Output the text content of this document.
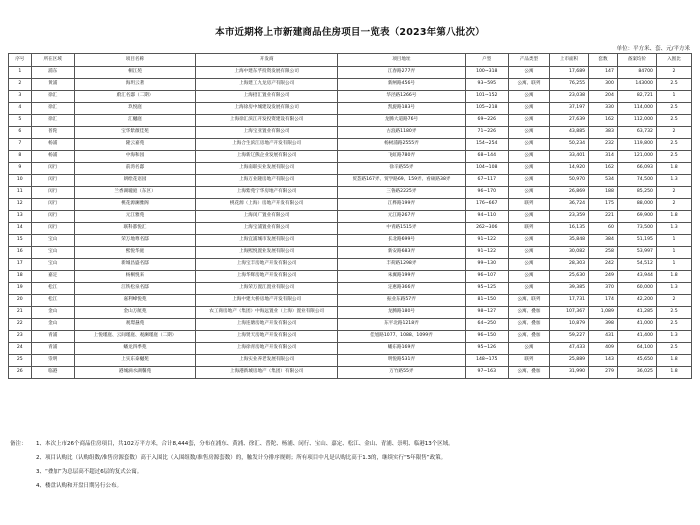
本市近期将上市新建商品住房项目一览表（2023年第八批次）
单位：平方米、套、元/平方米
序号	所在区域	项目名称	开发商	项目地址	户型	产品类型	上市面积	套数	备案均价	入围比
1	浦东	桐江苑	上海中建东孚投资发展有限公司	江春路277弄	100~318	公寓	17,689	147	84700	2
2	黄浦	海玥云著	上海建工九龙房产有限公司	新闸路456号	93~595	公寓、联列	76,255	300	143000	2.5
3	徐汇	蔚汇名邸（二期）	上海招汇置业有限公司	华泾路1266号	101~152	公寓	23,038	204	82,721	1
4	徐汇	玖悦庭	上海徐房中城建设发展有限公司	凯旋路183号	105~218	公寓	37,197	330	114,000	2.5
5	徐汇	汇樾庭	上海徐汇滨江开发投资建设有限公司	龙腾大道路76号	69~226	公寓	27,639	162	112,000	2.5
6	普陀	宝华紫薇佳苑	上海宝亚置业有限公司	古浪路1180弄	71~226	公寓	43,885	383	63,732	2
7	杨浦	隆云嘉苑	上海合生滨江房地产开发有限公司	杨树浦路2555弄	154~254	公寓	50,234	232	119,800	2.5
8	杨浦	中海和园	上海新辽熊企业发展有限公司	飞虹路780弄	68~144	公寓	33,401	314	121,000	2.5
9	闵行	前湾名邸	上海南联实业发展有限公司	徐辛路55弄	104~108	公寓	14,920	162	66,093	1.8
10	闵行	朗绘花语园	上海万业隆房地产有限公司	贸荟路167弄、贸学路69、159弄、看硕路38弄	67~117	公寓	50,970	534	74,500	1.3
11	闵行	兰香湖瓏庭（东区）	上海紫苑宁华房地产有限公司	三鲁路2225弄	96~170	公寓	26,869	188	85,250	2
12	闵行	桃花源澜雅阁	桃花源（上海）房地产开发有限公司	江桦路199弄	176~667	联列	36,724	175	88,000	2
13	闵行	元江雅苑	上海闵广置业有限公司	元江路267弄	94~110	公寓	23,359	221	69,900	1.8
14	闵行	联科都悦汇	上海宝浦置业有限公司	中青路1515弄	262~306	联列	16,135	60	73,500	1.3
15	宝山	荣万地尊名邸	上海宜浦城市发展有限公司	长北路699号	91~122	公寓	35,848	384	51,195	1
16	宝山	熙悦华庭	上海熙悦置业发展有限公司	新安路683弄	91~122	公寓	30,082	258	53,997	1
17	宝山	新城昌盛名邸	上海宝丰房地产开发有限公司	丰荷路1298弄	99~130	公寓	28,303	242	54,512	1
18	嘉定	杨桐悦来	上海华辉房地产开发有限公司	朱翼路199弄	96~107	公寓	25,630	249	43,944	1.8
19	松江	江铁松泉名邸	上海荣万置江置业有限公司	定惠路366弄	95~125	公寓	39,385	370	60,000	1.3
20	松江	嘉利峰悦苑	上海中建大桥房地产开发有限公司	振业东路57弄	81~150	公寓、联列	17,731	174	42,200	2
21	金山	金山万航苑	农工商房地产（集团）中海远置业（上海）置业有限公司	龙腾路180号	98~127	公寓、叠加	107,367	1,089	41,285	2.5
22	金山	观璟悬苑	上海连塘房地产开发有限公司	东平北路1218弄	64~250	公寓、叠加	10,879	398	41,000	2.5
23	青浦	上悦瑾庭、云间瑾庭、观澜瑾庭（二期）	上海贤天房地产开发有限公司	佳旭路1077、1088、1099弄	96~150	公寓、叠加	59,227	431	41,400	1.3
24	青浦	蟠龙四季苑	上海徐青房地产开发有限公司	蟠东路169弄	95~126	公寓	47,433	409	64,100	2.5
25	崇明	上实东泰樾苑	上海实业养老发展有限公司	明悦路531弄	148~175	联列	25,889	143	45,650	1.8
26	临港	港城滴水湖馨苑	上海港新城房地产（集团）有限公司	万竹路55弄	97~163	公寓、叠加	31,990	279	36,025	1.8
备注：	1、本次上市26个商品住房项目，共102万平方米，合计8,444套，分布在浦东、黄浦、徐汇、普陀、杨浦、闵行、宝山、嘉定、松江、金山、青浦、崇明、临港13个区域。
2、项目认购比（认购组数/准售房源套数）高于入围比（入围组数/准售房源套数）的，触发计分排序规则；所有项目中凡是认购比高于1.3的，继续实行“5年限售”政策。
3、“叠加”为总层高不超过6层的复式公寓。
4、楼盘认购和开盘日期另行公布。
